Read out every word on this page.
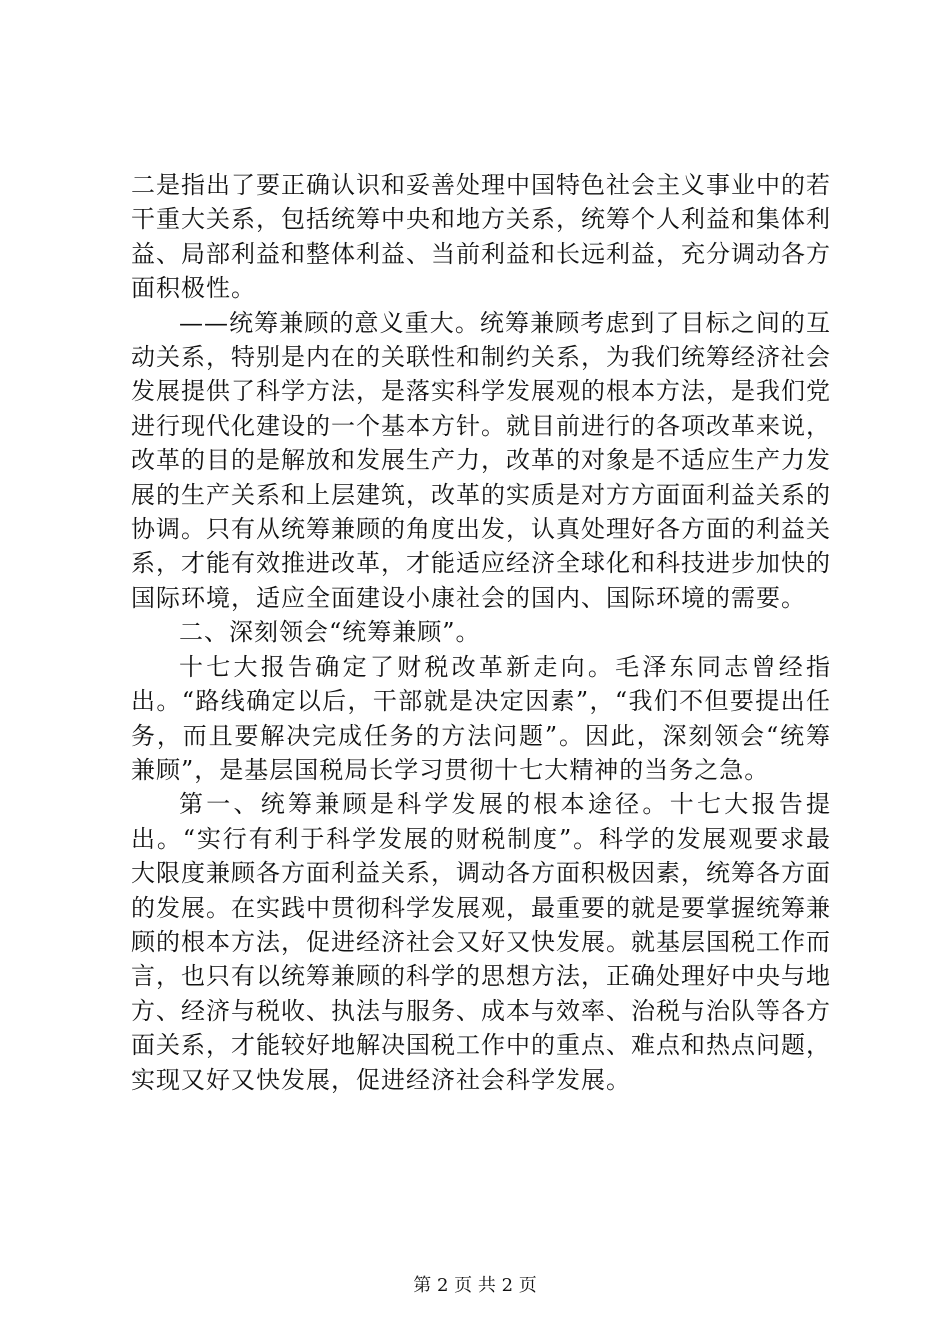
二是指出了要正确认识和妥善处理中国特色社会主义事业中的若干重大关系，包括统筹中央和地方关系，统筹个人利益和集体利益、局部利益和整体利益、当前利益和长远利益，充分调动各方面积极性。

——统筹兼顾的意义重大。统筹兼顾考虑到了目标之间的互动关系，特别是内在的关联性和制约关系，为我们统筹经济社会发展提供了科学方法，是落实科学发展观的根本方法，是我们党进行现代化建设的一个基本方针。就目前进行的各项改革来说，改革的目的是解放和发展生产力，改革的对象是不适应生产力发展的生产关系和上层建筑，改革的实质是对方方面面利益关系的协调。只有从统筹兼顾的角度出发，认真处理好各方面的利益关系，才能有效推进改革，才能适应经济全球化和科技进步加快的国际环境，适应全面建设小康社会的国内、国际环境的需要。

二、深刻领会“统筹兼顾”。

十七大报告确定了财税改革新走向。毛泽东同志曾经指出。“路线确定以后，干部就是决定因素”，“我们不但要提出任务，而且要解决完成任务的方法问题”。因此，深刻领会“统筹兼顾”，是基层国税局长学习贯彻十七大精神的当务之急。

第一、统筹兼顾是科学发展的根本途径。十七大报告提出。“实行有利于科学发展的财税制度”。科学的发展观要求最大限度兼顾各方面利益关系，调动各方面积极因素，统筹各方面的发展。在实践中贯彻科学发展观，最重要的就是要掌握统筹兼顾的根本方法，促进经济社会又好又快发展。就基层国税工作而言，也只有以统筹兼顾的科学的思想方法，正确处理好中央与地方、经济与税收、执法与服务、成本与效率、治税与治队等各方面关系，才能较好地解决国税工作中的重点、难点和热点问题，实现又好又快发展，促进经济社会科学发展。

第 2 页 共 2 页
